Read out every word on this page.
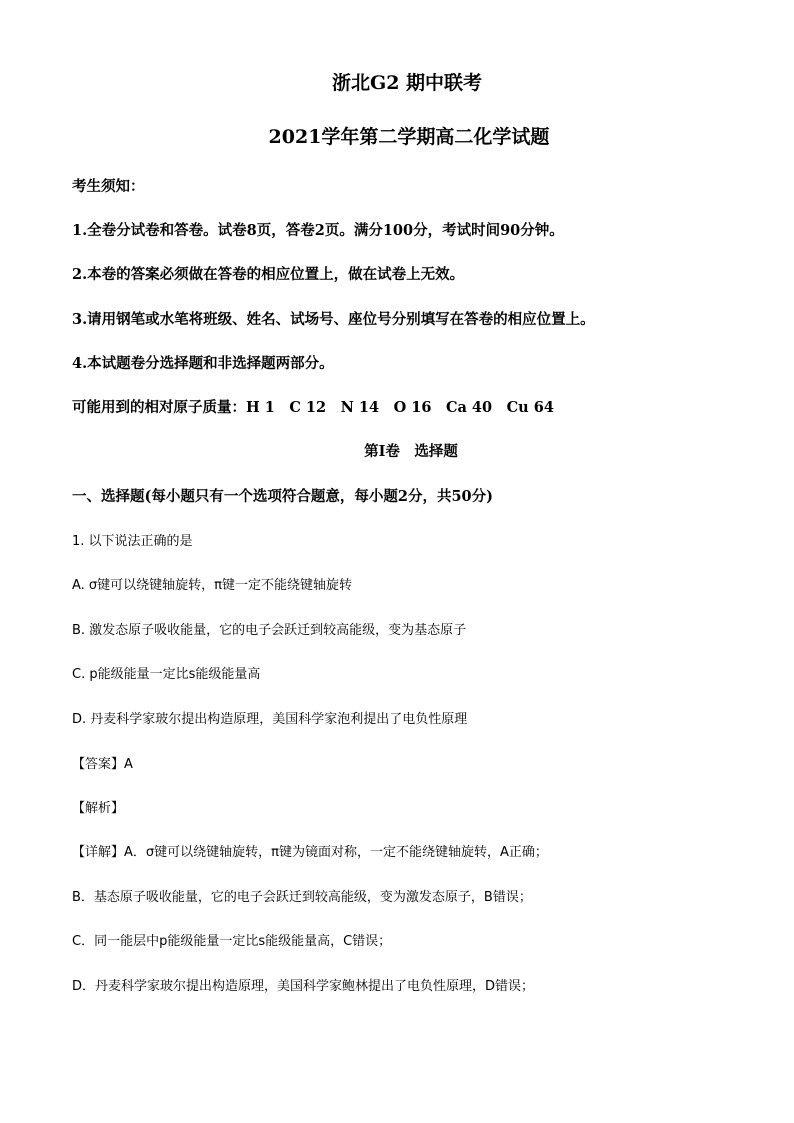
浙北G2 期中联考
2021学年第二学期高二化学试题
考生须知：
1.全卷分试卷和答卷。试卷8页，答卷2页。满分100分，考试时间90分钟。
2.本卷的答案必须做在答卷的相应位置上，做在试卷上无效。
3.请用钢笔或水笔将班级、姓名、试场号、座位号分别填写在答卷的相应位置上。
4.本试题卷分选择题和非选择题两部分。
可能用到的相对原子质量：H 1　C 12　N 14　O 16　Ca 40　Cu 64
第I卷　选择题
一、选择题(每小题只有一个选项符合题意，每小题2分，共50分)
1. 以下说法正确的是
A. σ键可以绕键轴旋转，π键一定不能绕键轴旋转
B. 激发态原子吸收能量，它的电子会跃迁到较高能级，变为基态原子
C. p能级能量一定比s能级能量高
D. 丹麦科学家玻尔提出构造原理，美国科学家泡利提出了电负性原理
【答案】A
【解析】
【详解】A．σ键可以绕键轴旋转，π键为镜面对称，一定不能绕键轴旋转，A正确；
B．基态原子吸收能量，它的电子会跃迁到较高能级，变为激发态原子，B错误；
C．同一能层中p能级能量一定比s能级能量高，C错误；
D．丹麦科学家玻尔提出构造原理，美国科学家鲍林提出了电负性原理，D错误；
